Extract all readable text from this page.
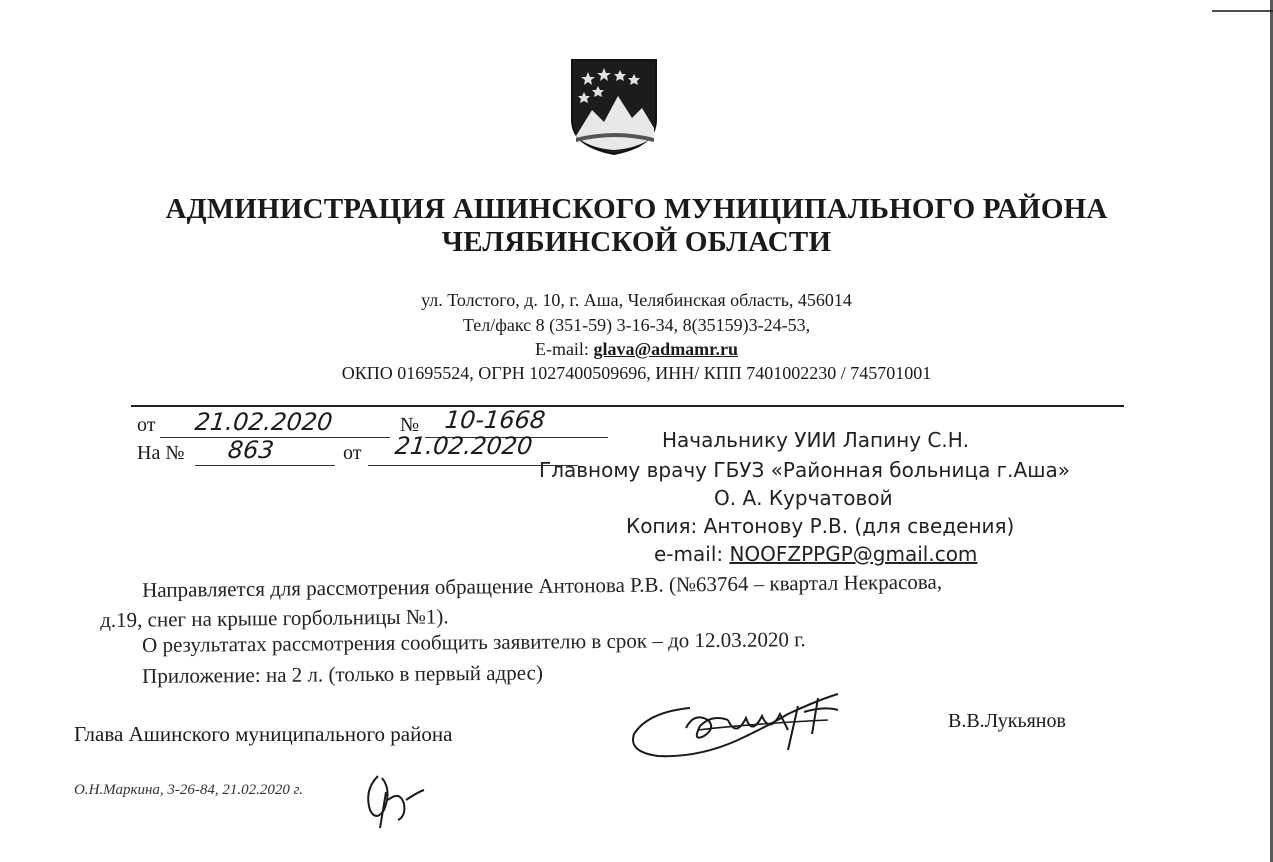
АДМИНИСТРАЦИЯ АШИНСКОГО МУНИЦИПАЛЬНОГО РАЙОНА
ЧЕЛЯБИНСКОЙ ОБЛАСТИ
ул. Толстого, д. 10, г. Аша, Челябинская область, 456014
Тел/факс 8 (351-59) 3-16-34, 8(35159)3-24-53,
E-mail: glava@admamr.ru
ОКПО 01695524, ОГРН 1027400509696, ИНН/ КПП 7401002230 / 745701001
от 21.02.2020	№ 10-1668
На № 863	от 21.02.2020	Начальнику УИИ Лапину С.Н.
Главному врачу ГБУЗ «Районная больница г.Аша»
О. А. Курчатовой
Копия: Антонову Р.В. (для сведения)
e-mail: NOOFZPPGP@gmail.com
Направляется для рассмотрения обращение Антонова Р.В. (№63764 – квартал Некрасова,
д.19, снег на крыше горбольницы №1).
О результатах рассмотрения сообщить заявителю в срок – до 12.03.2020 г.
Приложение: на 2 л. (только в первый адрес)
Глава Ашинского муниципального района
В.В.Лукьянов
О.Н.Маркина, 3-26-84, 21.02.2020 г.
